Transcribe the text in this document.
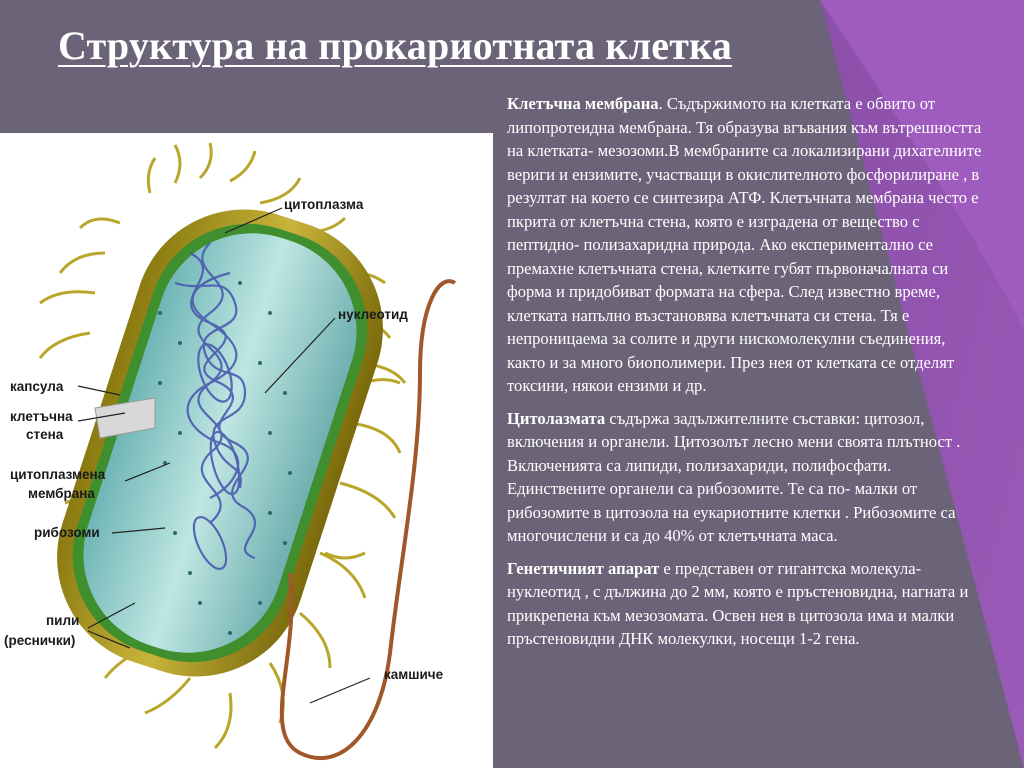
Структура на прокариотната клетка
цитоплазма
нуклеотид
капсула
клетъчна
стена
цитоплазмена
мембрана
рибозоми
пили
(реснички)
камшиче

Клетъчна мембрана. Съдържимото на клетката е обвито от липопротеидна мембрана. Тя образува вгъвания към вътрешността на клетката- мезозоми.В мембраните са локализирани дихателните вериги и ензимите, участващи в окислителното фосфорилиране , в резултат на което се синтезира АТФ. Клетъчната мембрана често е пкрита от клетъчна стена, която е изградена от вещество с пептидно- полизахаридна природа. Ако експериментално се премахне клетъчната стена, клетките губят първоначалната си форма и придобиват формата на сфера. След известно време, клетката напълно възстановява клетъчната си стена. Тя е непроницаема за солите и други нискомолекулни съединения, както и за много биополимери. През нея от клетката се отделят токсини, някои ензими и др.

Цитолазмата съдържа задължителните съставки: цитозол, включения и органели. Цитозолът лесно мени своята плътност . Включенията са липиди, полизахариди, полифосфати. Единствените органели са рибозомите. Те са по- малки от рибозомите в цитозола на еукариотните клетки . Рибозомите са многочислени и са до 40% от клетъчната маса.

Генетичният апарат е представен от гигантска молекула- нуклеотид , с дължина до 2 мм, която е пръстеновидна, нагната и прикрепена към мезозомата. Освен нея в цитозола има и малки пръстеновидни ДНК молекулки, носещи 1-2 гена.
